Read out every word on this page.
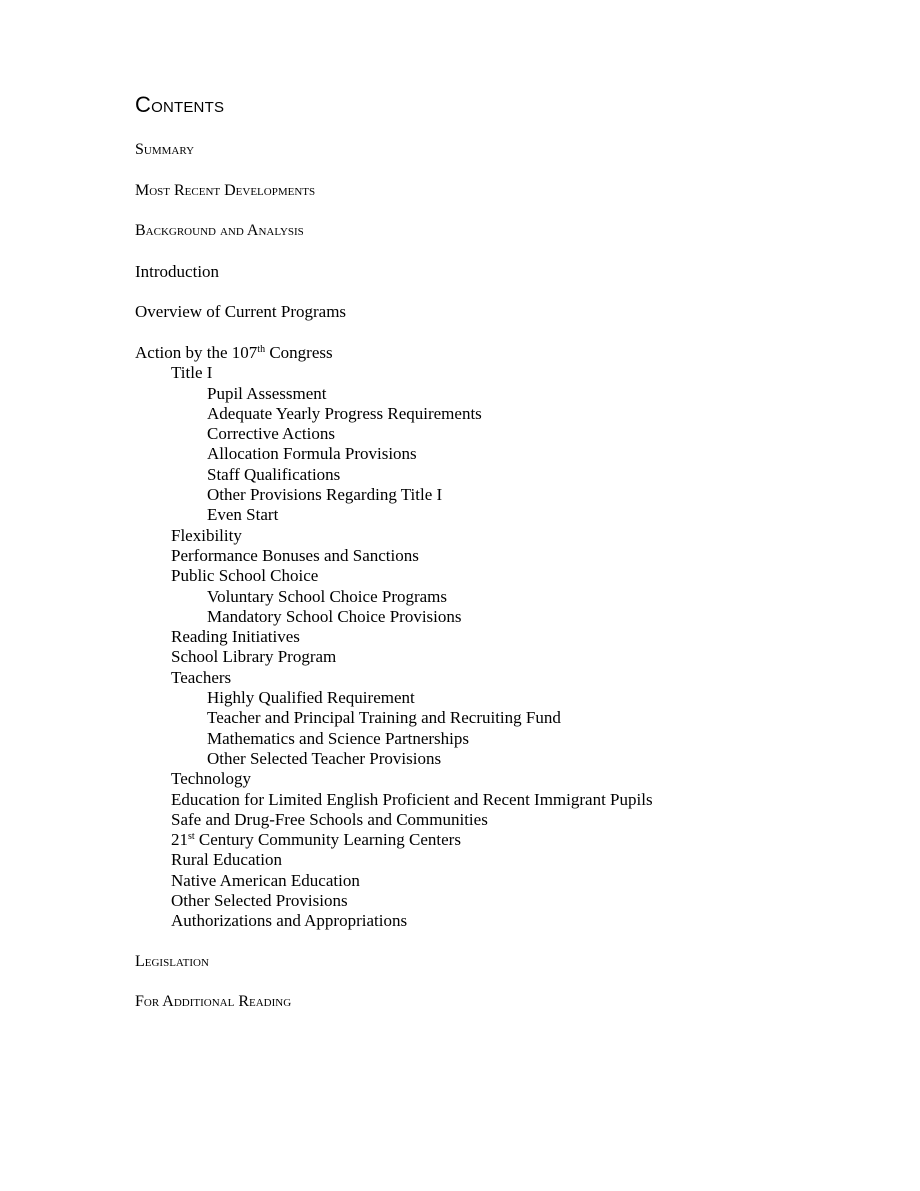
Contents
Summary
Most Recent Developments
Background and Analysis
Introduction
Overview of Current Programs
Action by the 107th Congress
Title I
Pupil Assessment
Adequate Yearly Progress Requirements
Corrective Actions
Allocation Formula Provisions
Staff Qualifications
Other Provisions Regarding Title I
Even Start
Flexibility
Performance Bonuses and Sanctions
Public School Choice
Voluntary School Choice Programs
Mandatory School Choice Provisions
Reading Initiatives
School Library Program
Teachers
Highly Qualified Requirement
Teacher and Principal Training and Recruiting Fund
Mathematics and Science Partnerships
Other Selected Teacher Provisions
Technology
Education for Limited English Proficient and Recent Immigrant Pupils
Safe and Drug-Free Schools and Communities
21st Century Community Learning Centers
Rural Education
Native American Education
Other Selected Provisions
Authorizations and Appropriations
Legislation
For Additional Reading
